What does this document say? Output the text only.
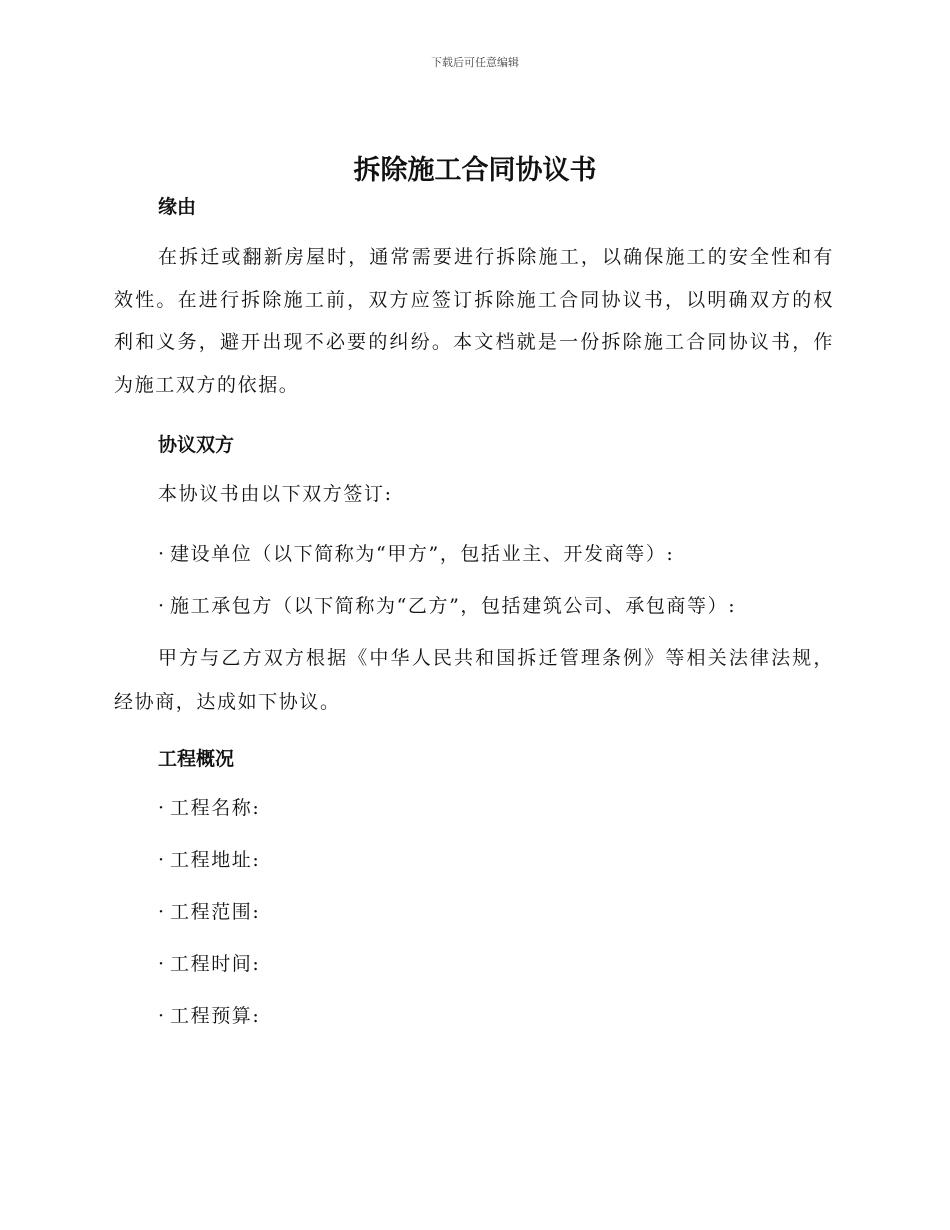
下载后可任意编辑
拆除施工合同协议书
缘由

在拆迁或翻新房屋时，通常需要进行拆除施工，以确保施工的安全性和有效性。在进行拆除施工前，双方应签订拆除施工合同协议书，以明确双方的权利和义务，避开出现不必要的纠纷。本文档就是一份拆除施工合同协议书，作为施工双方的依据。

协议双方

本协议书由以下双方签订:

· 建设单位（以下简称为“甲方”，包括业主、开发商等）:

· 施工承包方（以下简称为“乙方”，包括建筑公司、承包商等）:

甲方与乙方双方根据《中华人民共和国拆迁管理条例》等相关法律法规，经协商，达成如下协议。

工程概况

· 工程名称:

· 工程地址:

· 工程范围:

· 工程时间:

· 工程预算:
